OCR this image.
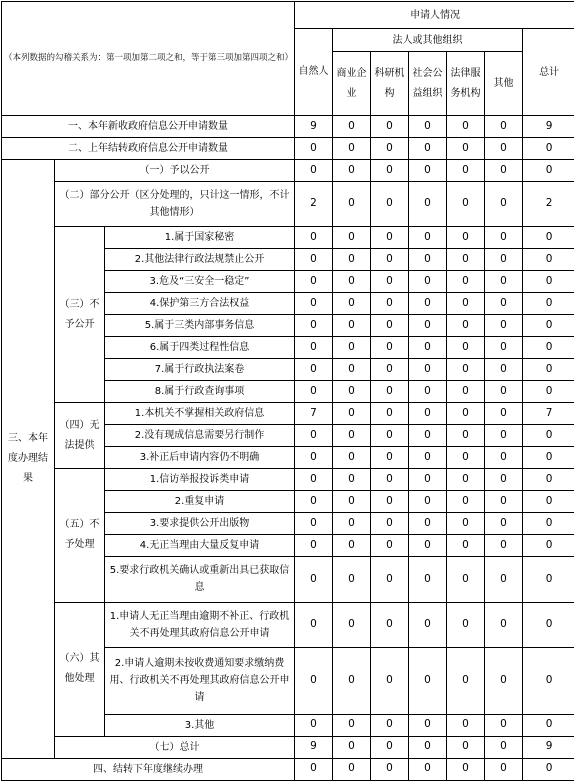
（本列数据的勾稽关系为：第一项加第二项之和，等于第三项加第四项之和）			申请人情况						
			自然人	法人或其他组织					总计
				商业企业	科研机构	社会公益组织	法律服务机构	其他	
一、本年新收政府信息公开申请数量			9	0	0	0	0	0	9
二、上年结转政府信息公开申请数量			0	0	0	0	0	0	0
三、本年度办理结果	（一）予以公开		0	0	0	0	0	0	0
	（二）部分公开（区分处理的，只计这一情形，不计其他情形）		2	0	0	0	0	0	2
	（三）不予公开	1.属于国家秘密	0	0	0	0	0	0	0
		2.其他法律行政法规禁止公开	0	0	0	0	0	0	0
		3.危及“三安全一稳定”	0	0	0	0	0	0	0
		4.保护第三方合法权益	0	0	0	0	0	0	0
		5.属于三类内部事务信息	0	0	0	0	0	0	0
		6.属于四类过程性信息	0	0	0	0	0	0	0
		7.属于行政执法案卷	0	0	0	0	0	0	0
		8.属于行政查询事项	0	0	0	0	0	0	0
	（四）无法提供	1.本机关不掌握相关政府信息	7	0	0	0	0	0	7
		2.没有现成信息需要另行制作	0	0	0	0	0	0	0
		3.补正后申请内容仍不明确	0	0	0	0	0	0	0
	（五）不予处理	1.信访举报投诉类申请	0	0	0	0	0	0	0
		2.重复申请	0	0	0	0	0	0	0
		3.要求提供公开出版物	0	0	0	0	0	0	0
		4.无正当理由大量反复申请	0	0	0	0	0	0	0
		5.要求行政机关确认或重新出具已获取信息	0	0	0	0	0	0	0
	（六）其他处理	1.申请人无正当理由逾期不补正、行政机关不再处理其政府信息公开申请	0	0	0	0	0	0	0
		2.申请人逾期未按收费通知要求缴纳费用、行政机关不再处理其政府信息公开申请	0	0	0	0	0	0	0
		3.其他	0	0	0	0	0	0	0
	（七）总计		9	0	0	0	0	0	9
四、结转下年度继续办理			0	0	0	0	0	0	0
